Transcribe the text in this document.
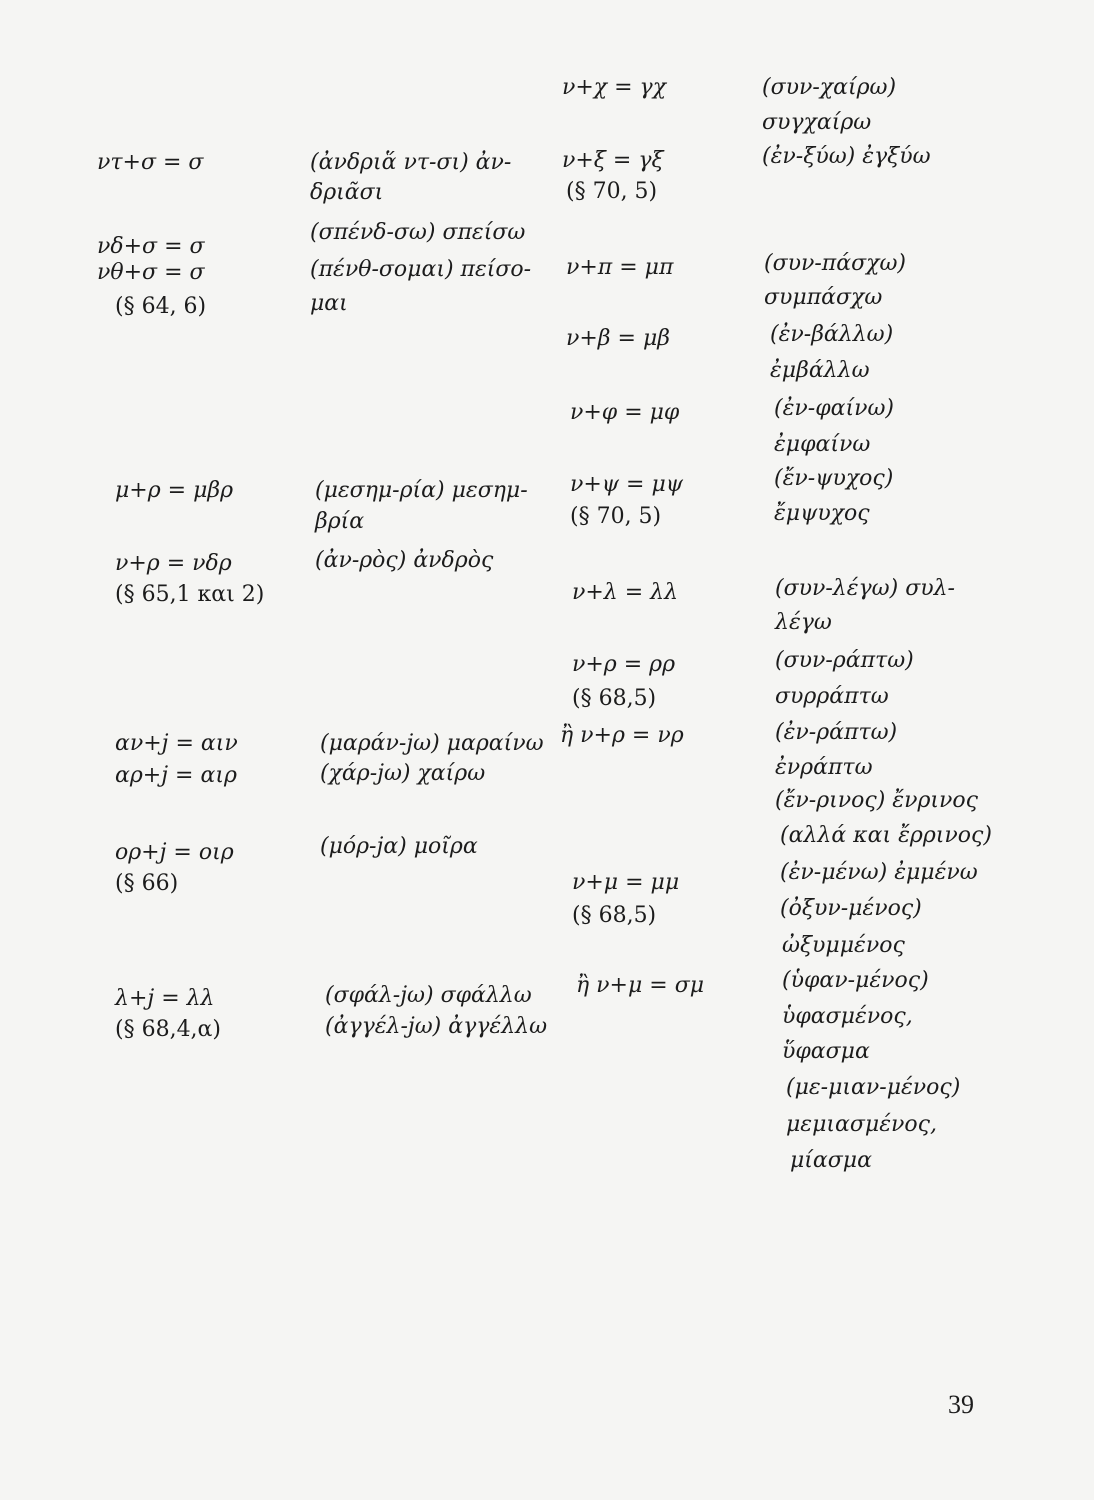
ντ+σ = σ
νδ+σ = σ
νθ+σ = σ
(§ 64, 6)
μ+ρ = μβρ
ν+ρ = νδρ
(§ 65,1 και 2)
αν+j = αιν
αρ+j = αιρ
ορ+j = οιρ
(§ 66)
λ+j = λλ
(§ 68,4,α)
(ἀνδριἅ ντ-σι) ἀν-
δριᾶσι
(σπένδ-σω) σπείσω
(πένθ-σομαι) πείσο-
μαι
(μεσημ-ρία) μεσημ-
βρία
(ἀν-ρὸς) ἀνδρὸς
(μαράν-jω) μαραίνω
(χάρ-jω) χαίρω
(μόρ-jα) μοῖρα
(σφάλ-jω) σφάλλω
(ἀγγέλ-jω) ἀγγέλλω
ν+χ = γχ
ν+ξ = γξ
(§ 70, 5)
ν+π = μπ
ν+β = μβ
ν+φ = μφ
ν+ψ = μψ
(§ 70, 5)
ν+λ = λλ
ν+ρ = ρρ
(§ 68,5)
ἢ ν+ρ = νρ
ν+μ = μμ
(§ 68,5)
ἢ ν+μ = σμ
(συν-χαίρω)
συγχαίρω
(ἐν-ξύω) ἐγξύω
(συν-πάσχω)
συμπάσχω
(ἐν-βάλλω)
ἐμβάλλω
(ἐν-φαίνω)
ἐμφαίνω
(ἔν-ψυχος)
ἔμψυχος
(συν-λέγω) συλ-
λέγω
(συν-ράπτω)
συρράπτω
(ἐν-ράπτω)
ἐνράπτω
(ἔν-ρινος) ἔνρινος
(αλλά και ἔρρινος)
(ἐν-μένω) ἐμμένω
(ὀξυν-μένος)
ὠξυμμένος
(ὑφαν-μένος)
ὑφασμένος,
ὕφασμα
(με-μιαν-μένος)
μεμιασμένος,
μίασμα
39
